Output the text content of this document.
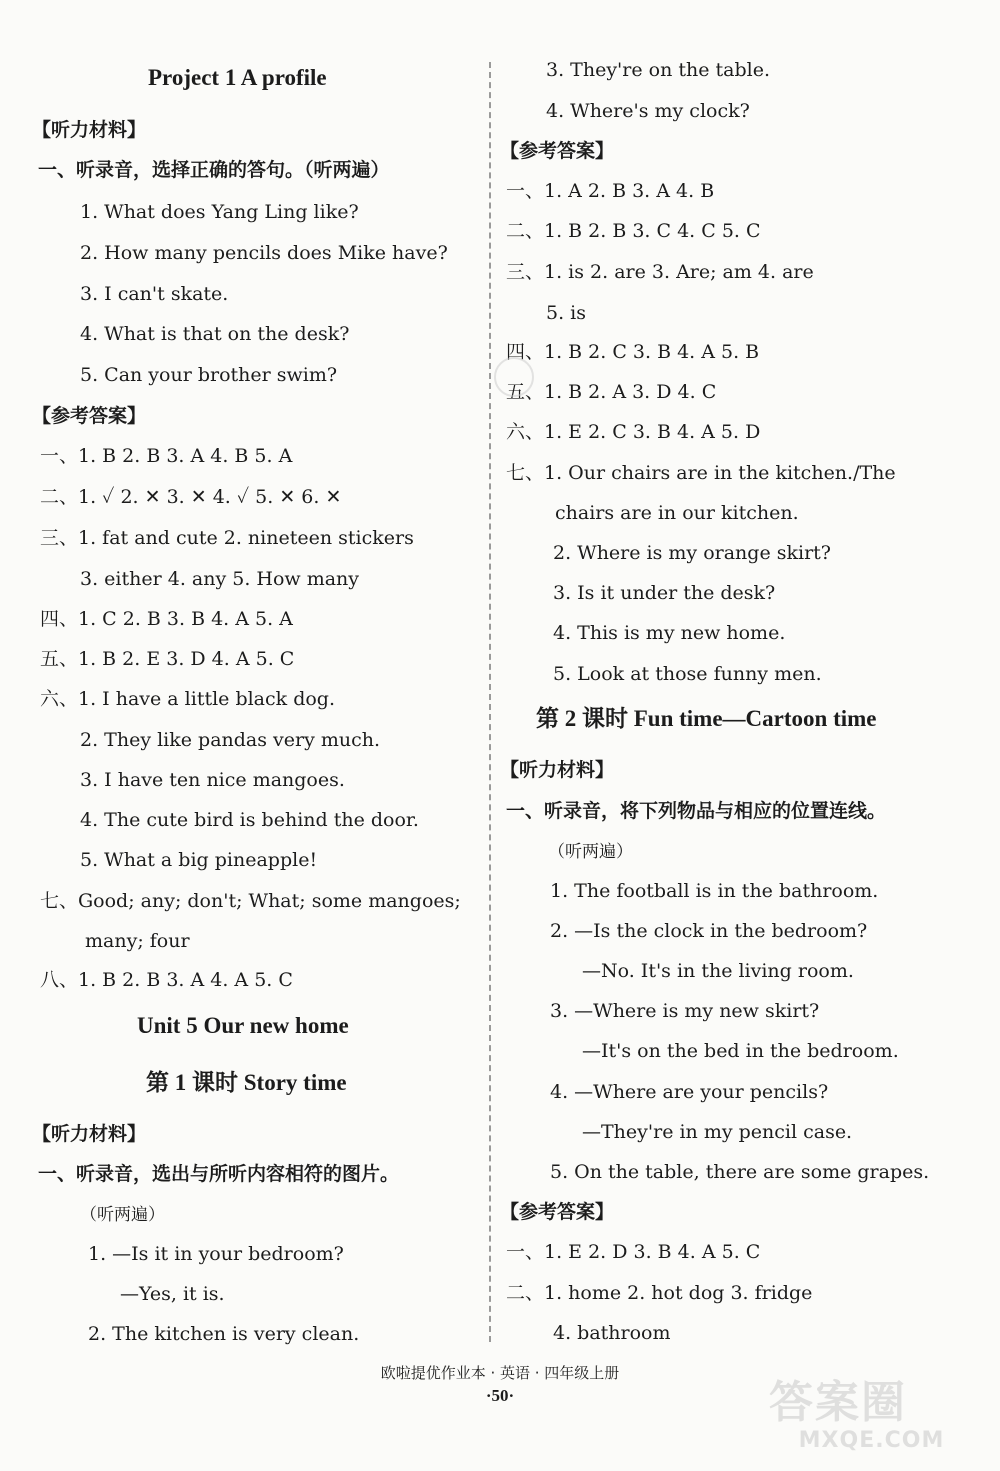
Project 1 A profile
【听力材料】
一、听录音，选择正确的答句。（听两遍）
1. What does Yang Ling like?
2. How many pencils does Mike have?
3. I can't skate.
4. What is that on the desk?
5. Can your brother swim?
【参考答案】
一、1. B 2. B 3. A 4. B 5. A
二、1. ✓ 2. ✕ 3. ✕ 4. ✓ 5. ✕ 6. ✕
三、1. fat and cute 2. nineteen stickers
3. either 4. any 5. How many
四、1. C 2. B 3. B 4. A 5. A
五、1. B 2. E 3. D 4. A 5. C
六、1. I have a little black dog.
2. They like pandas very much.
3. I have ten nice mangoes.
4. The cute bird is behind the door.
5. What a big pineapple!
七、Good; any; don't; What; some mangoes;
many; four
八、1. B 2. B 3. A 4. A 5. C
Unit 5 Our new home
第 1 课时 Story time
【听力材料】
一、听录音，选出与所听内容相符的图片。
（听两遍）
1. —Is it in your bedroom?
—Yes, it is.
2. The kitchen is very clean.
3. They're on the table.
4. Where's my clock?
【参考答案】
一、1. A 2. B 3. A 4. B
二、1. B 2. B 3. C 4. C 5. C
三、1. is 2. are 3. Are; am 4. are
5. is
四、1. B 2. C 3. B 4. A 5. B
五、1. B 2. A 3. D 4. C
六、1. E 2. C 3. B 4. A 5. D
七、1. Our chairs are in the kitchen./The
chairs are in our kitchen.
2. Where is my orange skirt?
3. Is it under the desk?
4. This is my new home.
5. Look at those funny men.
第 2 课时 Fun time—Cartoon time
【听力材料】
一、听录音，将下列物品与相应的位置连线。
（听两遍）
1. The football is in the bathroom.
2. —Is the clock in the bedroom?
—No. It's in the living room.
3. —Where is my new skirt?
—It's on the bed in the bedroom.
4. —Where are your pencils?
—They're in my pencil case.
5. On the table, there are some grapes.
【参考答案】
一、1. E 2. D 3. B 4. A 5. C
二、1. home 2. hot dog 3. fridge
4. bathroom
欧啦提优作业本 · 英语 · 四年级上册
·50·	答案圈
MXQE.COM
